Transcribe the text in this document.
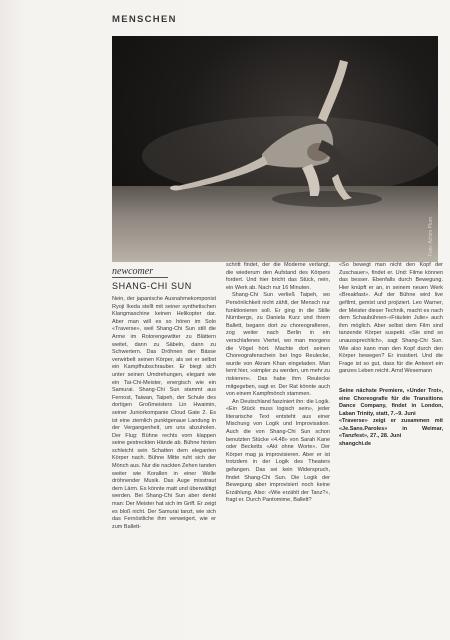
MENSCHEN
Foto: Achim Plum
newcomer
SHANG-CHI SUN

Nein, der japanische Ausnahmekomponist Ryoji Ikeda stellt mit seiner synthetischen Klangmaschine keinen Helikopter dar. Aber man will es so hören im Solo «Traverse», weil Shang-Chi Sun still die Arme im Rotorengewitter zu Blättern weitet, dann zu Säbeln, dann zu Schwertern. Das Dröhnen der Bässe verwirbelt seinen Körper, als sei er selbst ein Kampfhubschrauber. Er biegt sich unter seinen Umdrehungen, elegant wie ein Tai-Chi-Meister, energisch wie ein Samurai. Shang-Chi Sun stammt aus Fernost, Taiwan, Taipeh, der Schule des dortigen Großmeisters Lin Hwaimin, seiner Juniorkompanie Cloud Gate 2. Es ist eine ziemlich punktgenaue Landung in der Vergangenheit, um uns abzuholen. Der Flug: Bühne rechts vorn klappen seine gestreckten Hände ab. Bühne hinten schleicht sein Schatten dem eleganten Körper nach. Bühne Mitte ruht sich der Mönch aus. Nur die nackten Zehen tanden weiter wie Korallen in einer Welle dröhnender Musik. Das Auge misstraut dem Lärm. Es könnte matt und überwältigt werden. Bei Shang-Chi Sun aber denkt man: Der Meister hat sich im Griff. Er zeigt es bloß nicht. Der Samurai tanzt, wie sich das Fernöstliche ihm verweigert, wie er zum Ballett-

schritt findet, der die Moderne verlangt, die wiederum den Aufstand des Körpers fordert. Und hier bricht das Stück, nein, ein Werk ab. Nach nur 16 Minuten.

Shang-Chi Sun verließ Taipeh, wo Persönlichkeit nicht zählt, der Mensch nur funktionieren soll. Er ging in die Stille Nürnbergs, zu Daniela Kurz und ihrem Ballett, begann dort zu choreografieren, zog weiter nach Berlin in ein verschlafenes Viertel, wo man morgens die Vögel hört. Machte dort seinen Choreografenschein bei Ingo Reulecke, wurde von Akram Khan eingeladen. Man lernt hier, »simpler zu werden, um mehr zu riskieren«. Das habe ihm Reulecke mitgegeben, sagt er. Der Rat könnte auch von einem Kampfmönch stammen.

An Deutschland fasziniert ihn: die Logik. «Ein Stück muss logisch sein», jeder literarische Text entsteht aus einer Mischung von Logik und Improvisation. Auch die von Shang-Chi Sun schon benutzten Stücke «4.48» von Sarah Kane oder Becketts «Akt ohne Worte». Der Körper mag ja improvisieren. Aber er ist trotzdem in der Logik des Theaters gefangen. Das sei kein Widerspruch, findet Shang-Chi Sun. Die Logik der Bewegung aber improvisiert noch keine Erzählung. Also: «Wie erzählt der Tanz?», fragt er. Durch Pantomime, Ballett?

«So bewegt man nicht den Kopf der Zuschauer», findet er. Und: Filme können das besser. Ebenfalls durch Bewegung. Hier knüpft er an, in seinem neuen Werk «Breakfast». Auf der Bühne wird live gefilmt, gemixt und projiziert. Leo Warner, der Meister dieser Technik, macht es nach dem Schaubühnen-«Fräulein Julie» auch ihm möglich. Aber selbst dem Film sind tanzende Körper suspekt. «Sie sind so unaussprechlich», sagt Shang-Chi Sun. Wie also kann man den Kopf durch den Körper bewegen? Er insistiert. Und die Frage ist so gut, dass für die Antwort ein ganzes Leben reicht. Arnd Wesemann

Seine nächste Premiere, «Under Trot», eine Choreografie für die Transitions Dance Company, findet in London, Laban Trinity, statt, 7.–9. Juni
«Traverse» zeigt er zusammen mit «Je.Sans.Paroles» in Weimar, «Tanzfest», 27., 28. Juni
shangchi.de
